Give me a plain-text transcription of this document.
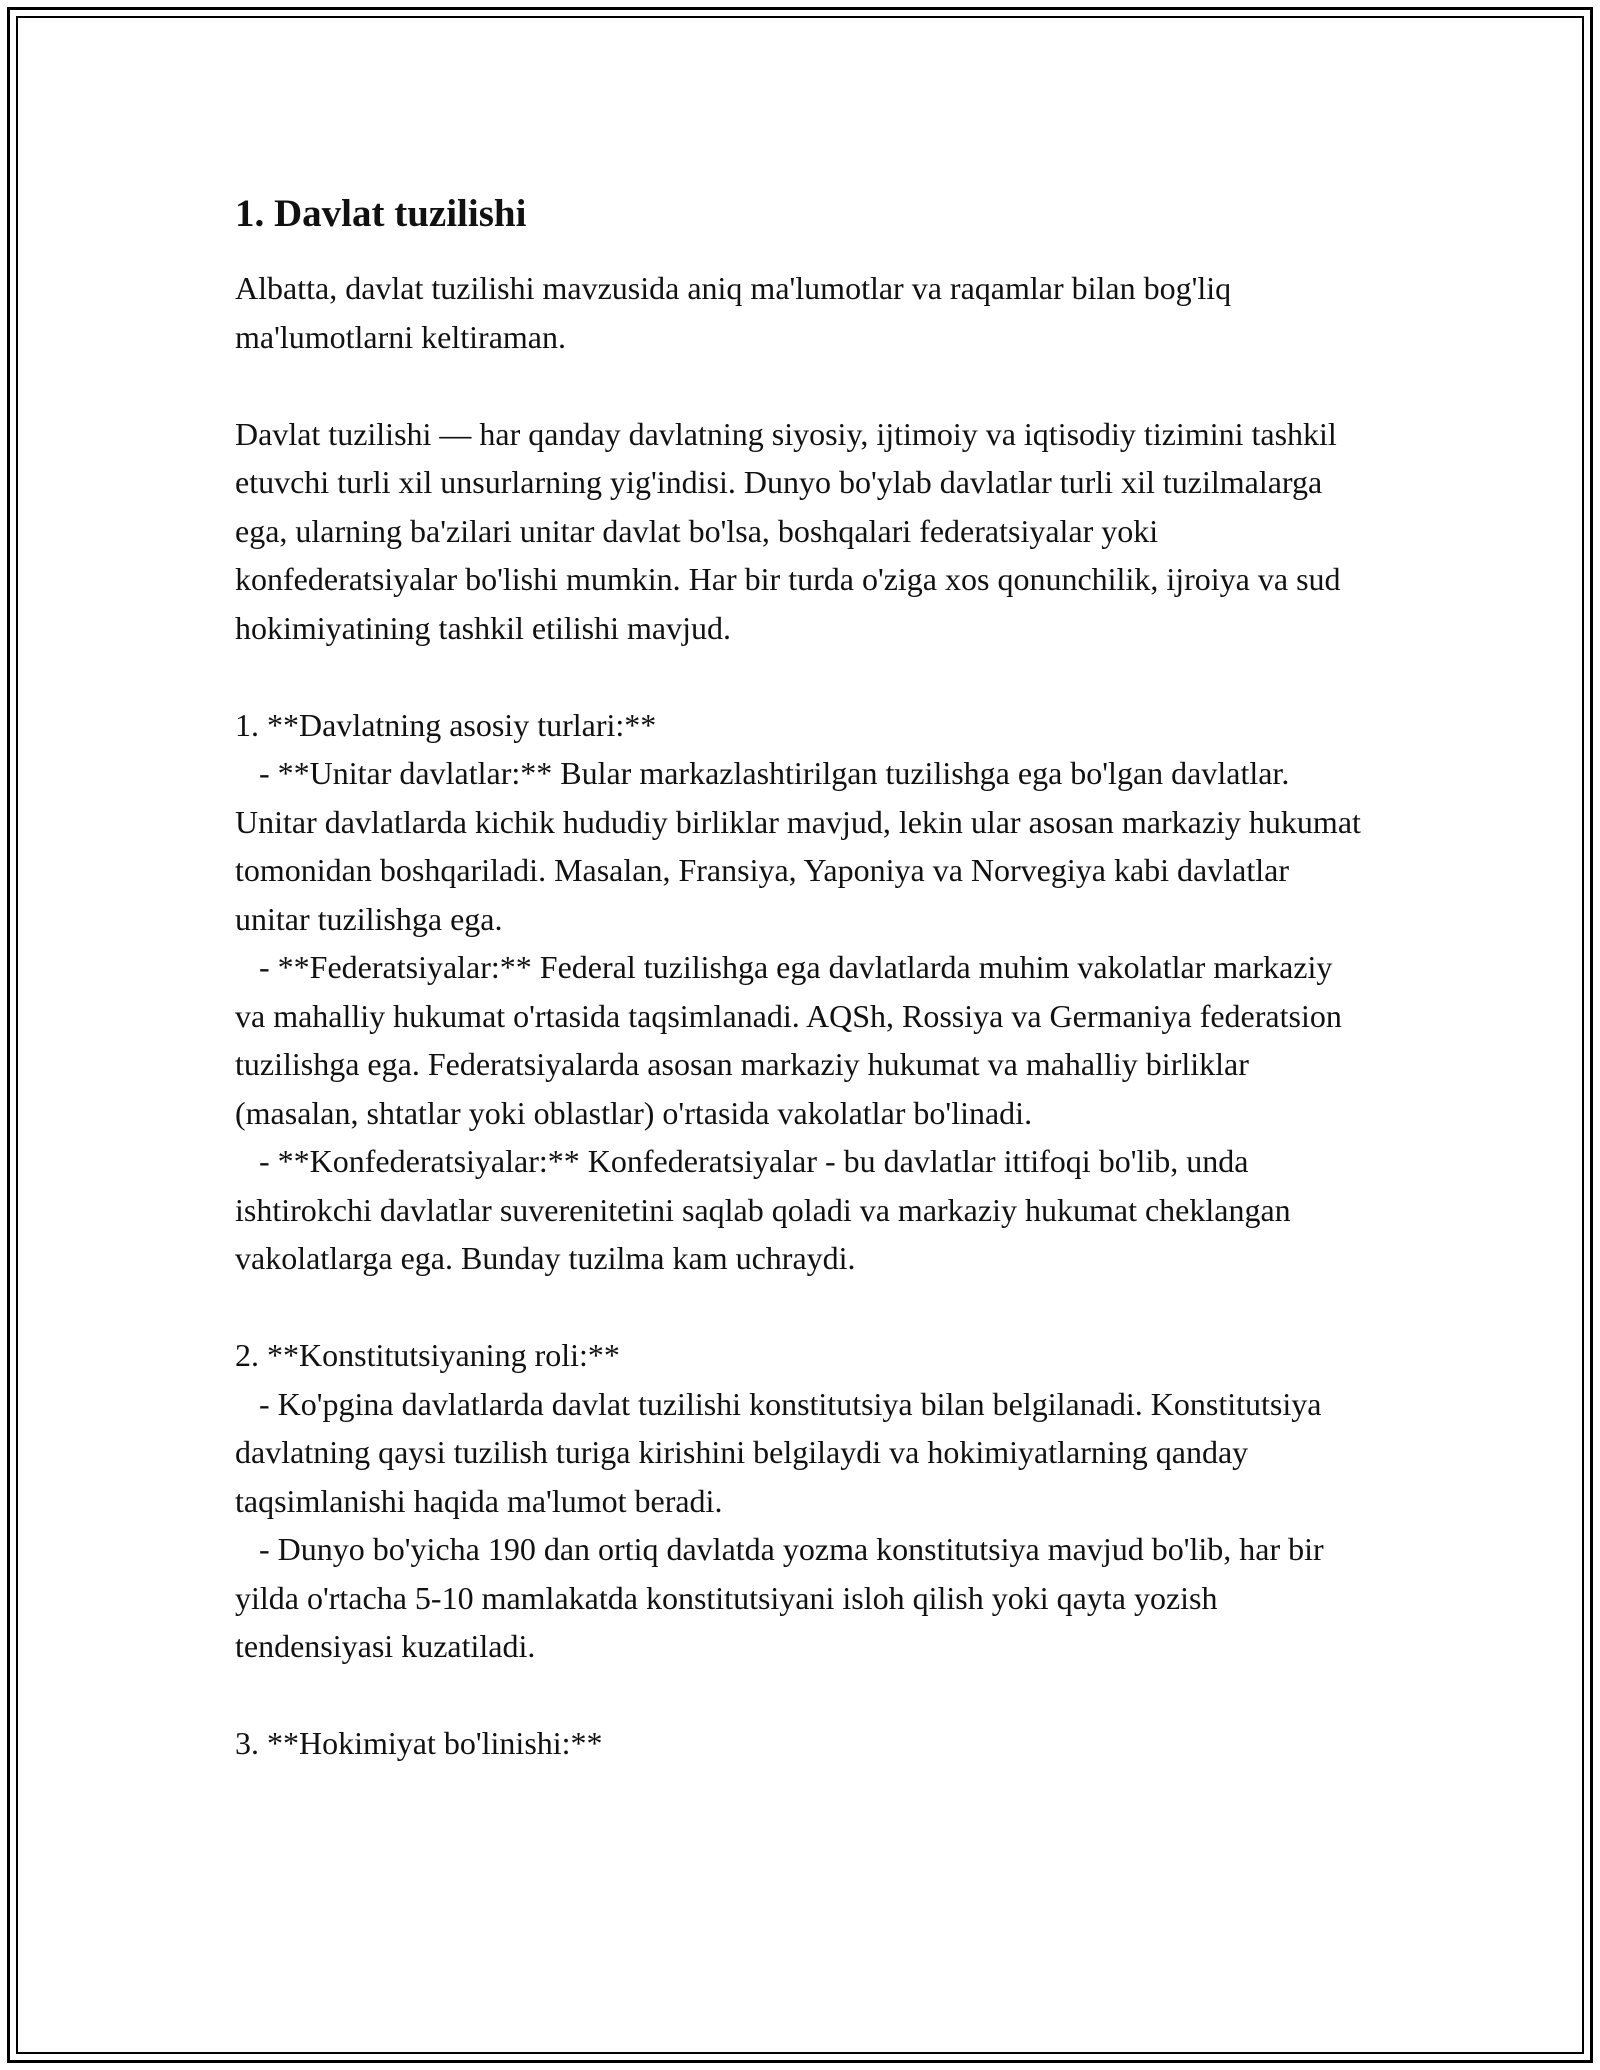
1. Davlat tuzilishi

Albatta, davlat tuzilishi mavzusida aniq ma'lumotlar va raqamlar bilan bog'liq ma'lumotlarni keltiraman.

Davlat tuzilishi — har qanday davlatning siyosiy, ijtimoiy va iqtisodiy tizimini tashkil etuvchi turli xil unsurlarning yig'indisi. Dunyo bo'ylab davlatlar turli xil tuzilmalarga ega, ularning ba'zilari unitar davlat bo'lsa, boshqalari federatsiyalar yoki konfederatsiyalar bo'lishi mumkin. Har bir turda o'ziga xos qonunchilik, ijroiya va sud hokimiyatining tashkil etilishi mavjud.

1. **Davlatning asosiy turlari:**
- **Unitar davlatlar:** Bular markazlashtirilgan tuzilishga ega bo'lgan davlatlar. Unitar davlatlarda kichik hududiy birliklar mavjud, lekin ular asosan markaziy hukumat tomonidan boshqariladi. Masalan, Fransiya, Yaponiya va Norvegiya kabi davlatlar unitar tuzilishga ega.
- **Federatsiyalar:** Federal tuzilishga ega davlatlarda muhim vakolatlar markaziy va mahalliy hukumat o'rtasida taqsimlanadi. AQSh, Rossiya va Germaniya federatsion tuzilishga ega. Federatsiyalarda asosan markaziy hukumat va mahalliy birliklar (masalan, shtatlar yoki oblastlar) o'rtasida vakolatlar bo'linadi.
- **Konfederatsiyalar:** Konfederatsiyalar - bu davlatlar ittifoqi bo'lib, unda ishtirokchi davlatlar suverenitetini saqlab qoladi va markaziy hukumat cheklangan vakolatlarga ega. Bunday tuzilma kam uchraydi.

2. **Konstitutsiyaning roli:**
- Ko'pgina davlatlarda davlat tuzilishi konstitutsiya bilan belgilanadi. Konstitutsiya davlatning qaysi tuzilish turiga kirishini belgilaydi va hokimiyatlarning qanday taqsimlanishi haqida ma'lumot beradi.
- Dunyo bo'yicha 190 dan ortiq davlatda yozma konstitutsiya mavjud bo'lib, har bir yilda o'rtacha 5-10 mamlakatda konstitutsiyani isloh qilish yoki qayta yozish tendensiyasi kuzatiladi.

3. **Hokimiyat bo'linishi:**
